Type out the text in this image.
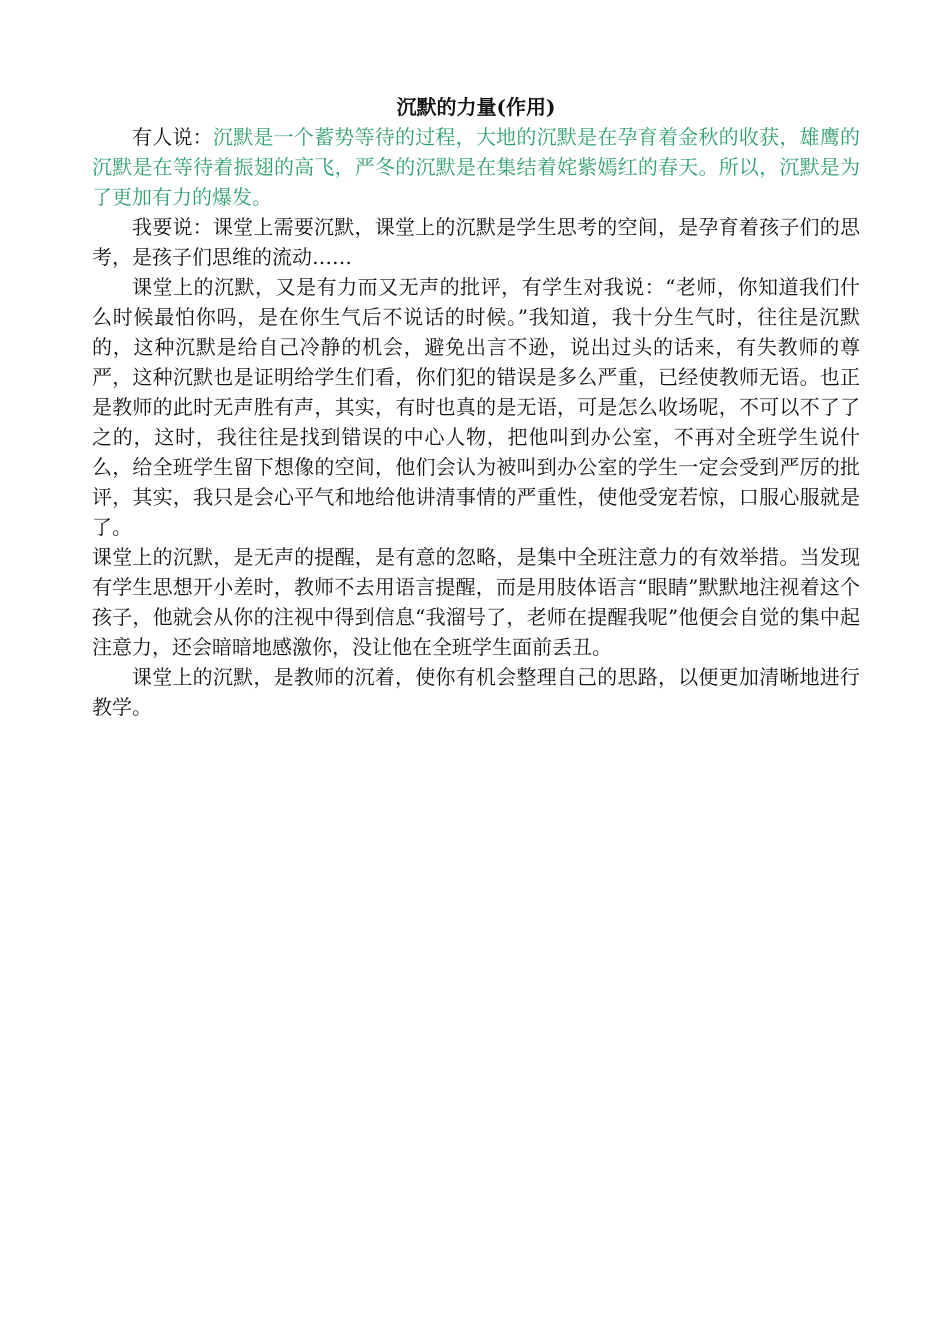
沉默的力量(作用)

有人说：沉默是一个蓄势等待的过程，大地的沉默是在孕育着金秋的收获，雄鹰的沉默是在等待着振翅的高飞，严冬的沉默是在集结着姹紫嫣红的春天。所以，沉默是为了更加有力的爆发。

我要说：课堂上需要沉默，课堂上的沉默是学生思考的空间，是孕育着孩子们的思考，是孩子们思维的流动……

课堂上的沉默，又是有力而又无声的批评，有学生对我说：“老师，你知道我们什么时候最怕你吗，是在你生气后不说话的时候。”我知道，我十分生气时，往往是沉默的，这种沉默是给自己冷静的机会，避免出言不逊，说出过头的话来，有失教师的尊严，这种沉默也是证明给学生们看，你们犯的错误是多么严重，已经使教师无语。也正是教师的此时无声胜有声，其实，有时也真的是无语，可是怎么收场呢，不可以不了了之的，这时，我往往是找到错误的中心人物，把他叫到办公室，不再对全班学生说什么，给全班学生留下想像的空间，他们会认为被叫到办公室的学生一定会受到严厉的批评，其实，我只是会心平气和地给他讲清事情的严重性，使他受宠若惊，口服心服就是了。

课堂上的沉默，是无声的提醒，是有意的忽略，是集中全班注意力的有效举措。当发现有学生思想开小差时，教师不去用语言提醒，而是用肢体语言“眼睛”默默地注视着这个孩子，他就会从你的注视中得到信息“我溜号了，老师在提醒我呢”他便会自觉的集中起注意力，还会暗暗地感激你，没让他在全班学生面前丢丑。

课堂上的沉默，是教师的沉着，使你有机会整理自己的思路，以便更加清晰地进行教学。
